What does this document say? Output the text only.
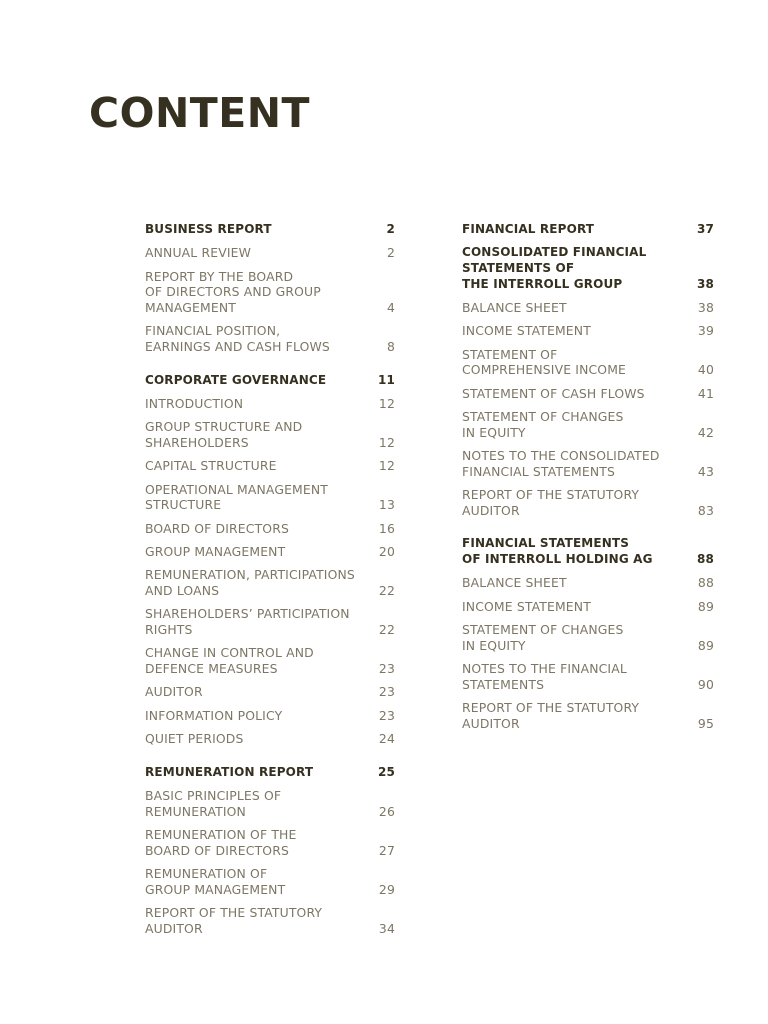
CONTENT
BUSINESS REPORT	2
ANNUAL REVIEW	2
REPORT BY THE BOARD
OF DIRECTORS AND GROUP
MANAGEMENT	4
FINANCIAL POSITION,
EARNINGS AND CASH FLOWS	8
CORPORATE GOVERNANCE	11
INTRODUCTION	12
GROUP STRUCTURE AND
SHAREHOLDERS	12
CAPITAL STRUCTURE	12
OPERATIONAL MANAGEMENT
STRUCTURE	13
BOARD OF DIRECTORS	16
GROUP MANAGEMENT	20
REMUNERATION, PARTICIPATIONS
AND LOANS	22
SHAREHOLDERS’ PARTICIPATION
RIGHTS	22
CHANGE IN CONTROL AND
DEFENCE MEASURES	23
AUDITOR	23
INFORMATION POLICY	23
QUIET PERIODS	24
REMUNERATION REPORT	25
BASIC PRINCIPLES OF
REMUNERATION	26
REMUNERATION OF THE
BOARD OF DIRECTORS	27
REMUNERATION OF
GROUP MANAGEMENT	29
REPORT OF THE STATUTORY
AUDITOR	34
FINANCIAL REPORT	37
CONSOLIDATED FINANCIAL
STATEMENTS OF
THE INTERROLL GROUP	38
BALANCE SHEET	38
INCOME STATEMENT	39
STATEMENT OF
COMPREHENSIVE INCOME	40
STATEMENT OF CASH FLOWS	41
STATEMENT OF CHANGES
IN EQUITY	42
NOTES TO THE CONSOLIDATED
FINANCIAL STATEMENTS	43
REPORT OF THE STATUTORY
AUDITOR	83
FINANCIAL STATEMENTS
OF INTERROLL HOLDING AG	88
BALANCE SHEET	88
INCOME STATEMENT	89
STATEMENT OF CHANGES
IN EQUITY	89
NOTES TO THE FINANCIAL
STATEMENTS	90
REPORT OF THE STATUTORY
AUDITOR	95
